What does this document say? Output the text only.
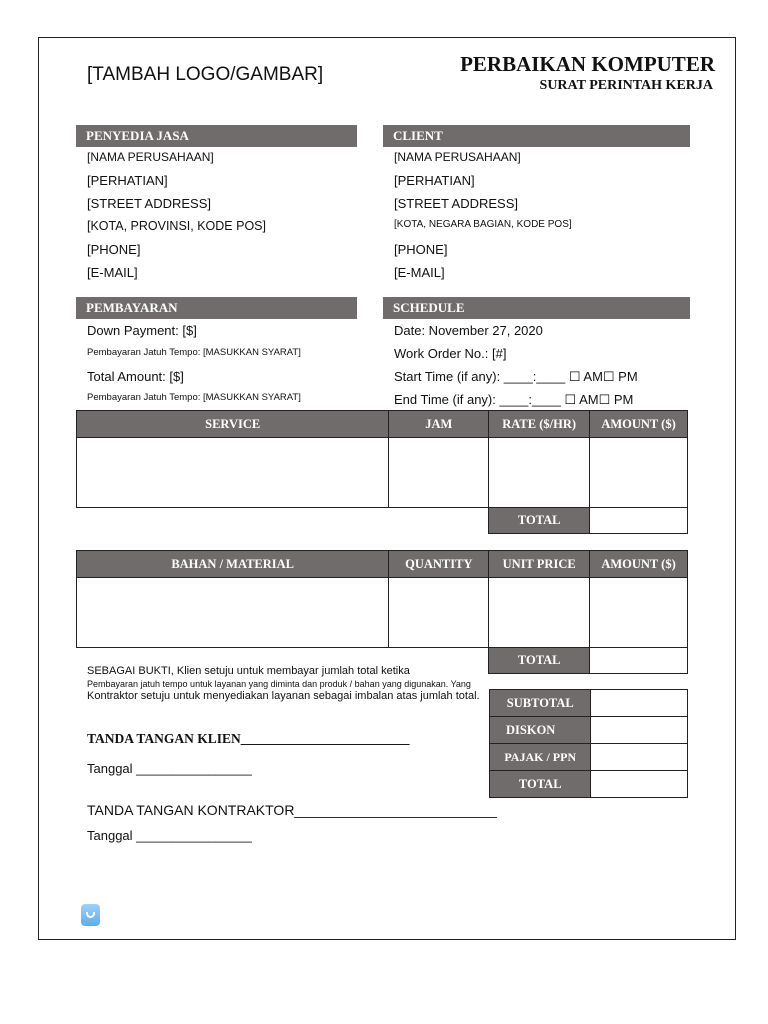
[TAMBAH LOGO/GAMBAR]	PERBAIKAN KOMPUTER
SURAT PERINTAH KERJA
PENYEDIA JASA
[NAMA PERUSAHAAN]
[PERHATIAN]
[STREET ADDRESS]
[KOTA, PROVINSI, KODE POS]
[PHONE]
[E-MAIL]
CLIENT
[NAMA PERUSAHAAN]
[PERHATIAN]
[STREET ADDRESS]
[KOTA, NEGARA BAGIAN, KODE POS]
[PHONE]
[E-MAIL]
PEMBAYARAN
Down Payment: [$]
Pembayaran Jatuh Tempo: [MASUKKAN SYARAT]
Total Amount: [$]
Pembayaran Jatuh Tempo: [MASUKKAN SYARAT]
SCHEDULE
Date: November 27, 2020
Work Order No.: [#]
Start Time (if any): ____:____ ☐ AM☐ PM
End Time (if any): ____:____ ☐ AM☐ PM
SERVICE	JAM	RATE ($/HR)	AMOUNT ($)

		TOTAL	
BAHAN / MATERIAL	QUANTITY	UNIT PRICE	AMOUNT ($)

		TOTAL	
SEBAGAI BUKTI, Klien setuju untuk membayar jumlah total ketika
Pembayaran jatuh tempo untuk layanan yang diminta dan produk / bahan yang digunakan. Yang
Kontraktor setuju untuk menyediakan layanan sebagai imbalan atas jumlah total. SUBTOTAL	
DISKON	
PAJAK / PPN	
TOTAL	
TANDA TANGAN KLIEN_________________________
Tanggal ________________
TANDA TANGAN KONTRAKTOR__________________________
Tanggal ________________
